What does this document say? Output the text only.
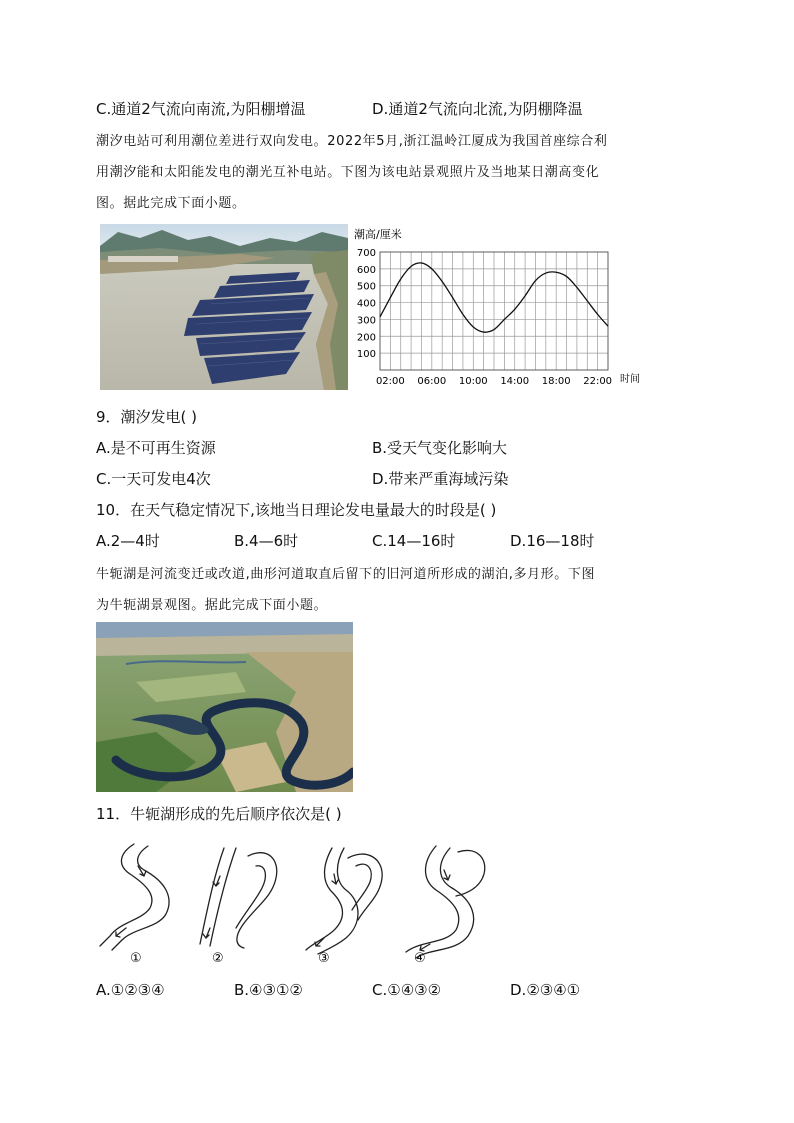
C.通道2气流向南流,为阳棚增温	D.通道2气流向北流,为阴棚降温
潮汐电站可利用潮位差进行双向发电。2022年5月,浙江温岭江厦成为我国首座综合利
用潮汐能和太阳能发电的潮光互补电站。下图为该电站景观照片及当地某日潮高变化
图。据此完成下面小题。
潮高/厘米
时间
100
200
300
400
500
600
700
02:00 06:00 10:00 14:00 18:00 22:00
9．潮汐发电( )
A.是不可再生资源	B.受天气变化影响大
C.一天可发电4次	D.带来严重海域污染
10．在天气稳定情况下,该地当日理论发电量最大的时段是( )
A.2—4时	B.4—6时	C.14—16时	D.16—18时
牛轭湖是河流变迁或改道,曲形河道取直后留下的旧河道所形成的湖泊,多月形。下图
为牛轭湖景观图。据此完成下面小题。
11．牛轭湖形成的先后顺序依次是( )
①	②	③	④
A.①②③④	B.④③①②	C.①④③②	D.②③④①
